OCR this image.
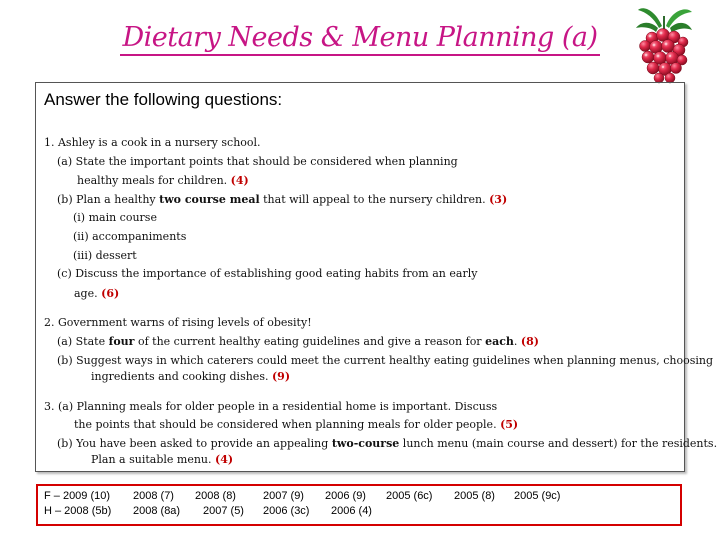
Dietary Needs & Menu Planning (a)
Answer the following questions:
1. Ashley is a cook in a nursery school.
(a) State the important points that should be considered when planning
healthy meals for children. (4)
(b) Plan a healthy two course meal that will appeal to the nursery children. (3)
(i) main course
(ii) accompaniments
(iii) dessert
(c) Discuss the importance of establishing good eating habits from an early
age. (6)
2. Government warns of rising levels of obesity!
(a) State four of the current healthy eating guidelines and give a reason for each. (8)
(b) Suggest ways in which caterers could meet the current healthy eating guidelines when planning menus, choosing
ingredients and cooking dishes. (9)
3. (a) Planning meals for older people in a residential home is important. Discuss
the points that should be considered when planning meals for older people. (5)
(b) You have been asked to provide an appealing two-course lunch menu (main course and dessert) for the residents.
Plan a suitable menu. (4)
F – 2009 (10) 2008 (7) 2008 (8) 2007 (9) 2006 (9) 2005 (6c) 2005 (8) 2005 (9c)
H – 2008 (5b) 2008 (8a) 2007 (5) 2006 (3c) 2006 (4)
